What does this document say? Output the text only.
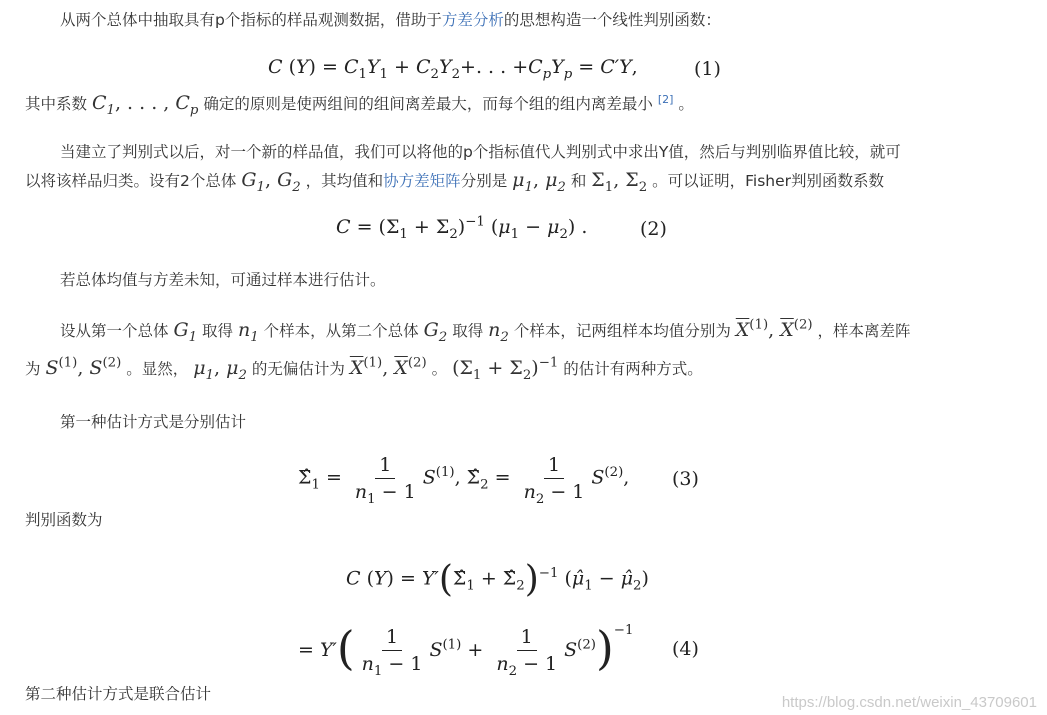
从两个总体中抽取具有p个指标的样品观测数据，借助于方差分析的思想构造一个线性判别函数：
C $(Y) = C_1Y_1 + C_2Y_2+$. . . $+C_pY_p = C'Y$,	(1)
其中系数 $C_1$, . . . , $C_p$ 确定的原则是使两组间的组间离差最大，而每个组的组内离差最小 [2] 。
当建立了判别式以后，对一个新的样品值，我们可以将他的p个指标值代人判别式中求出Y值，然后与判别临界值比较，就可
以将该样品归类。设有2个总体 $G_1$, $G_2$ ，其均值和协方差矩阵分别是 $\mu_1$, $\mu_2$ 和 $\Sigma_1$, $\Sigma_2$ 。可以证明，Fisher判别函数系数
$C = (\Sigma_1 + \Sigma_2)^{-1}$ $(\mu_1 - \mu_2)$ .	(2)
若总体均值与方差未知，可通过样本进行估计。
设从第一个总体 $G_1$ 取得 $n_1$ 个样本，从第二个总体 $G_2$ 取得 $n_2$ 个样本，记两组样本均值分别为 $\overline{X}^{(1)}$, $\overline{X}^{(2)}$ ，样本离差阵
为 $S^{(1)}$, $S^{(2)}$ 。显然， $\mu_1$, $\mu_2$ 的无偏估计为 $\overline{X}^{(1)}$, $\overline{X}^{(2)}$ 。 $(\Sigma_1 + \Sigma_2)^{-1}$ 的估计有两种方式。
第一种估计方式是分别估计
$\Sigmâ_1 = \frac{1}{n_1 - 1} S^{(1)}$, $\Sigmâ_2 = \frac{1}{n_2 - 1} S^{(2)}$, (3)
判别函数为
C $(Y) = Y'(\Sigmâ_1$ + $\Sigmâ_2)^{-1}$ ($\mû_1$ − $\mû_2$)
= $Y'( \frac{1}{n_1 - 1} S^{(1)} + \frac{1}{n_2 - 1} S^{(2)})^{-1}$
(4)
第二种估计方式是联合估计	https://blog.csdn.net/weixin_43709601
